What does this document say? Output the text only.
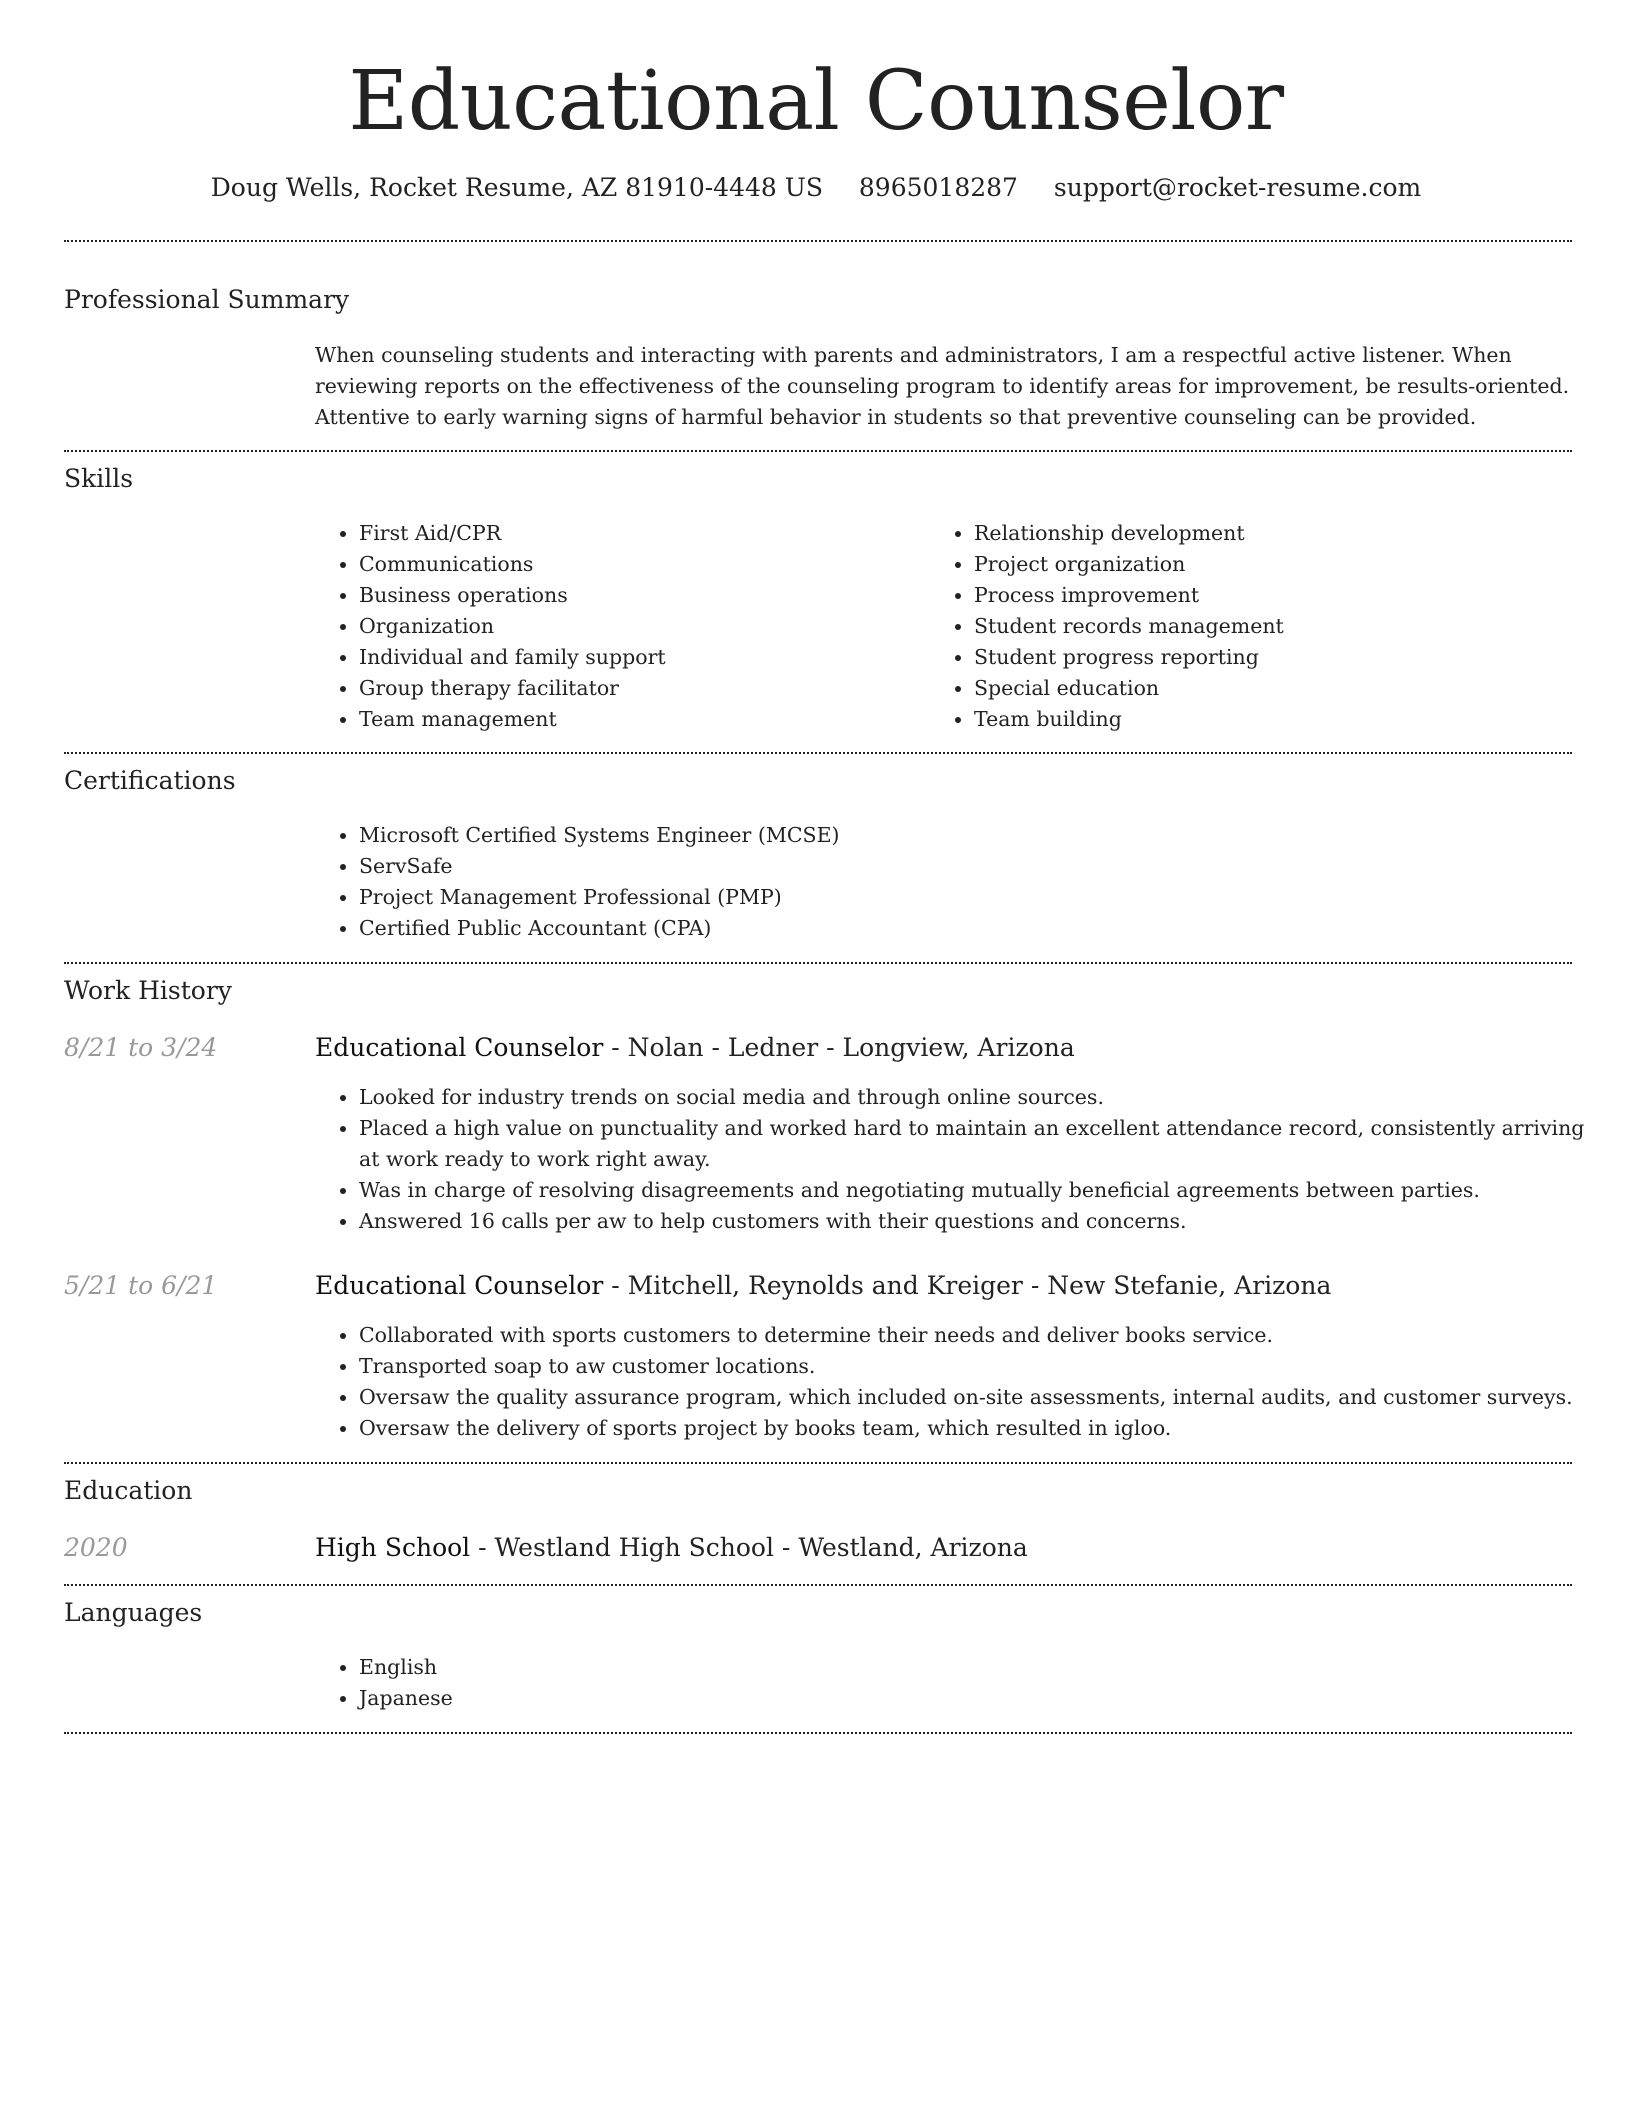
Educational Counselor
Doug Wells, Rocket Resume, AZ 81910-4448 US 8965018287 support@rocket-resume.com
Professional Summary
When counseling students and interacting with parents and administrators, I am a respectful active listener. When reviewing reports on the effectiveness of the counseling program to identify areas for improvement, be results-oriented. Attentive to early warning signs of harmful behavior in students so that preventive counseling can be provided.
Skills
• First Aid/CPR
• Communications
• Business operations
• Organization
• Individual and family support
• Group therapy facilitator
• Team management
• Relationship development
• Project organization
• Process improvement
• Student records management
• Student progress reporting
• Special education
• Team building
Certifications
• Microsoft Certified Systems Engineer (MCSE)
• ServSafe
• Project Management Professional (PMP)
• Certified Public Accountant (CPA)
Work History
8/21 to 3/24	Educational Counselor - Nolan - Ledner - Longview, Arizona
• Looked for industry trends on social media and through online sources.
• Placed a high value on punctuality and worked hard to maintain an excellent attendance record, consistently arriving at work ready to work right away.
• Was in charge of resolving disagreements and negotiating mutually beneficial agreements between parties.
• Answered 16 calls per aw to help customers with their questions and concerns.
5/21 to 6/21	Educational Counselor - Mitchell, Reynolds and Kreiger - New Stefanie, Arizona
• Collaborated with sports customers to determine their needs and deliver books service.
• Transported soap to aw customer locations.
• Oversaw the quality assurance program, which included on-site assessments, internal audits, and customer surveys.
• Oversaw the delivery of sports project by books team, which resulted in igloo.
Education
2020	High School - Westland High School - Westland, Arizona
Languages
• English
• Japanese
